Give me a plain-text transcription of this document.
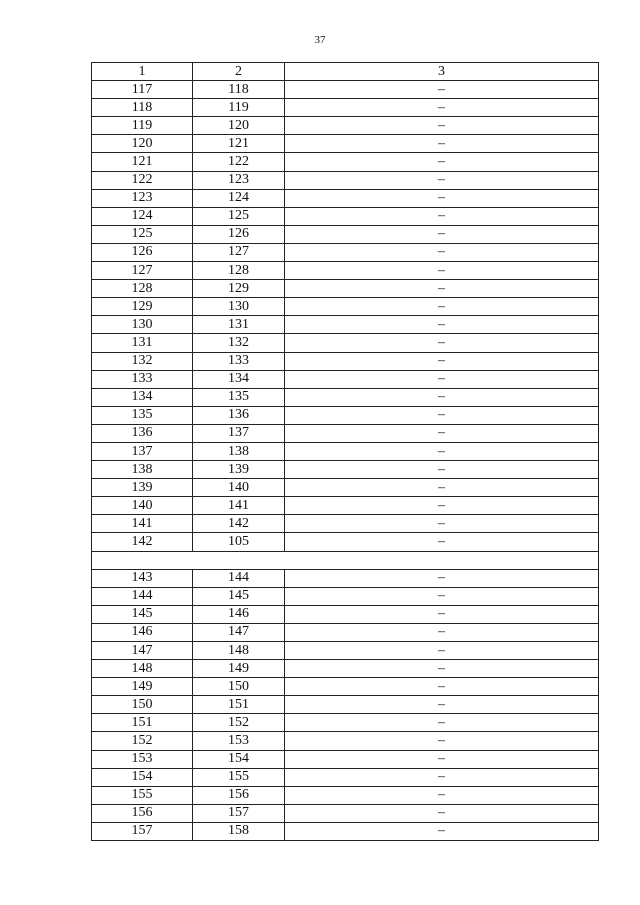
37
1	2	3
117	118	–
118	119	–
119	120	–
120	121	–
121	122	–
122	123	–
123	124	–
124	125	–
125	126	–
126	127	–
127	128	–
128	129	–
129	130	–
130	131	–
131	132	–
132	133	–
133	134	–
134	135	–
135	136	–
136	137	–
137	138	–
138	139	–
139	140	–
140	141	–
141	142	–
142	105	–

143	144	–
144	145	–
145	146	–
146	147	–
147	148	–
148	149	–
149	150	–
150	151	–
151	152	–
152	153	–
153	154	–
154	155	–
155	156	–
156	157	–
157	158	–
